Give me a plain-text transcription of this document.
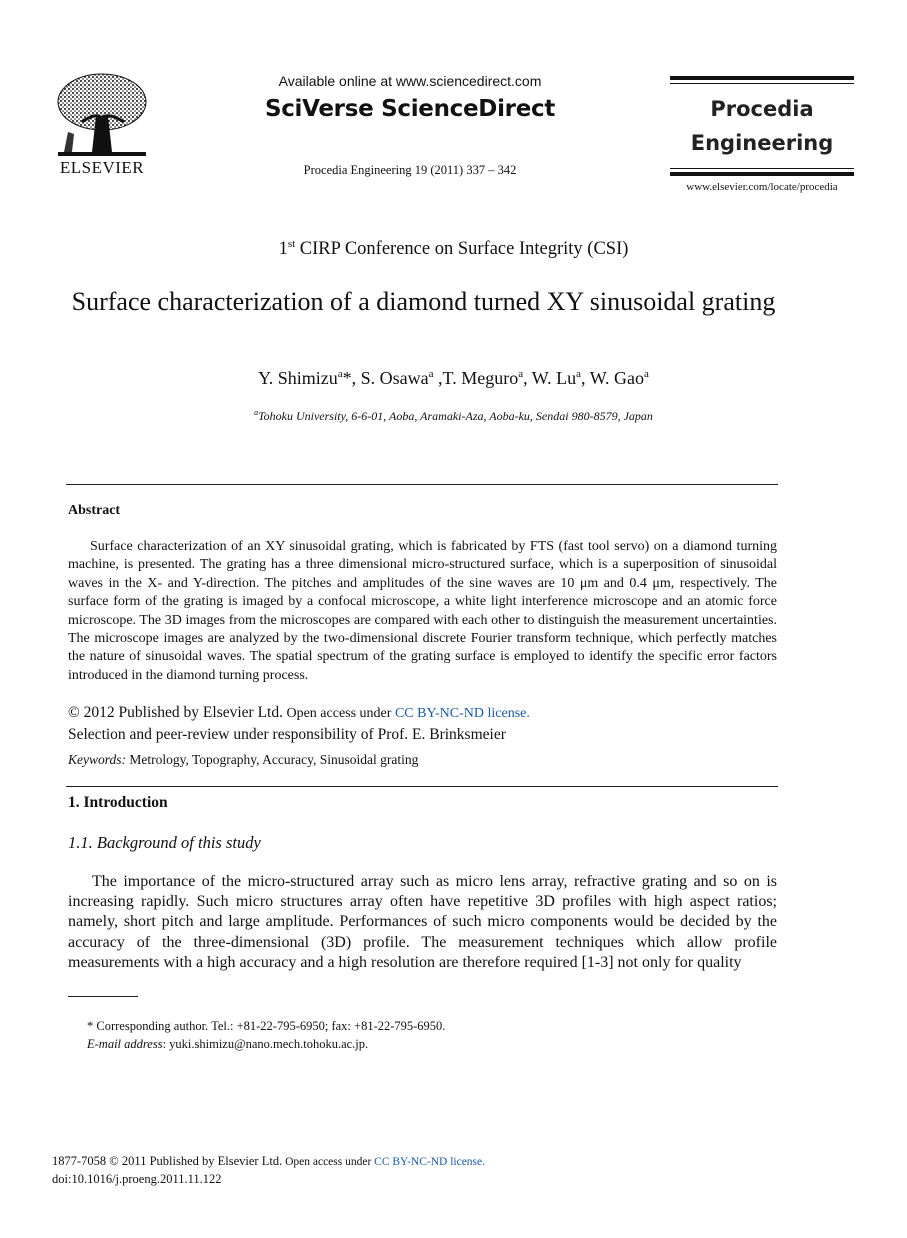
ELSEVIER
Available online at www.sciencedirect.com
SciVerse ScienceDirect
Procedia Engineering 19 (2011) 337 – 342
Procedia
Engineering
www.elsevier.com/locate/procedia
1st CIRP Conference on Surface Integrity (CSI)
Surface characterization of a diamond turned XY sinusoidal grating
Y. Shimizu$^a$*, S. Osawa$^a$ ,T. Meguro$^a$, W. Lu$^a$, W. Gao$^a$
$^a$Tohoku University, 6-6-01, Aoba, Aramaki-Aza, Aoba-ku, Sendai 980-8579, Japan
Abstract
Surface characterization of an XY sinusoidal grating, which is fabricated by FTS (fast tool servo) on a diamond turning machine, is presented. The grating has a three dimensional micro-structured surface, which is a superposition of sinusoidal waves in the X- and Y-direction. The pitches and amplitudes of the sine waves are 10 μm and 0.4 μm, respectively. The surface form of the grating is imaged by a confocal microscope, a white light interference microscope and an atomic force microscope. The 3D images from the microscopes are compared with each other to distinguish the measurement uncertainties. The microscope images are analyzed by the two-dimensional discrete Fourier transform technique, which perfectly matches the nature of sinusoidal waves. The spatial spectrum of the grating surface is employed to identify the specific error factors introduced in the diamond turning process.
© 2012 Published by Elsevier Ltd. Open access under CC BY-NC-ND license.
Selection and peer-review under responsibility of Prof. E. Brinksmeier
Keywords: Metrology, Topography, Accuracy, Sinusoidal grating
1. Introduction
1.1. Background of this study
The importance of the micro-structured array such as micro lens array, refractive grating and so on is increasing rapidly. Such micro structures array often have repetitive 3D profiles with high aspect ratios; namely, short pitch and large amplitude. Performances of such micro components would be decided by the accuracy of the three-dimensional (3D) profile. The measurement techniques which allow profile measurements with a high accuracy and a high resolution are therefore required [1-3] not only for quality
* Corresponding author. Tel.: +81-22-795-6950; fax: +81-22-795-6950.
E-mail address: yuki.shimizu@nano.mech.tohoku.ac.jp.
1877-7058 © 2011 Published by Elsevier Ltd. Open access under CC BY-NC-ND license.
doi:10.1016/j.proeng.2011.11.122
